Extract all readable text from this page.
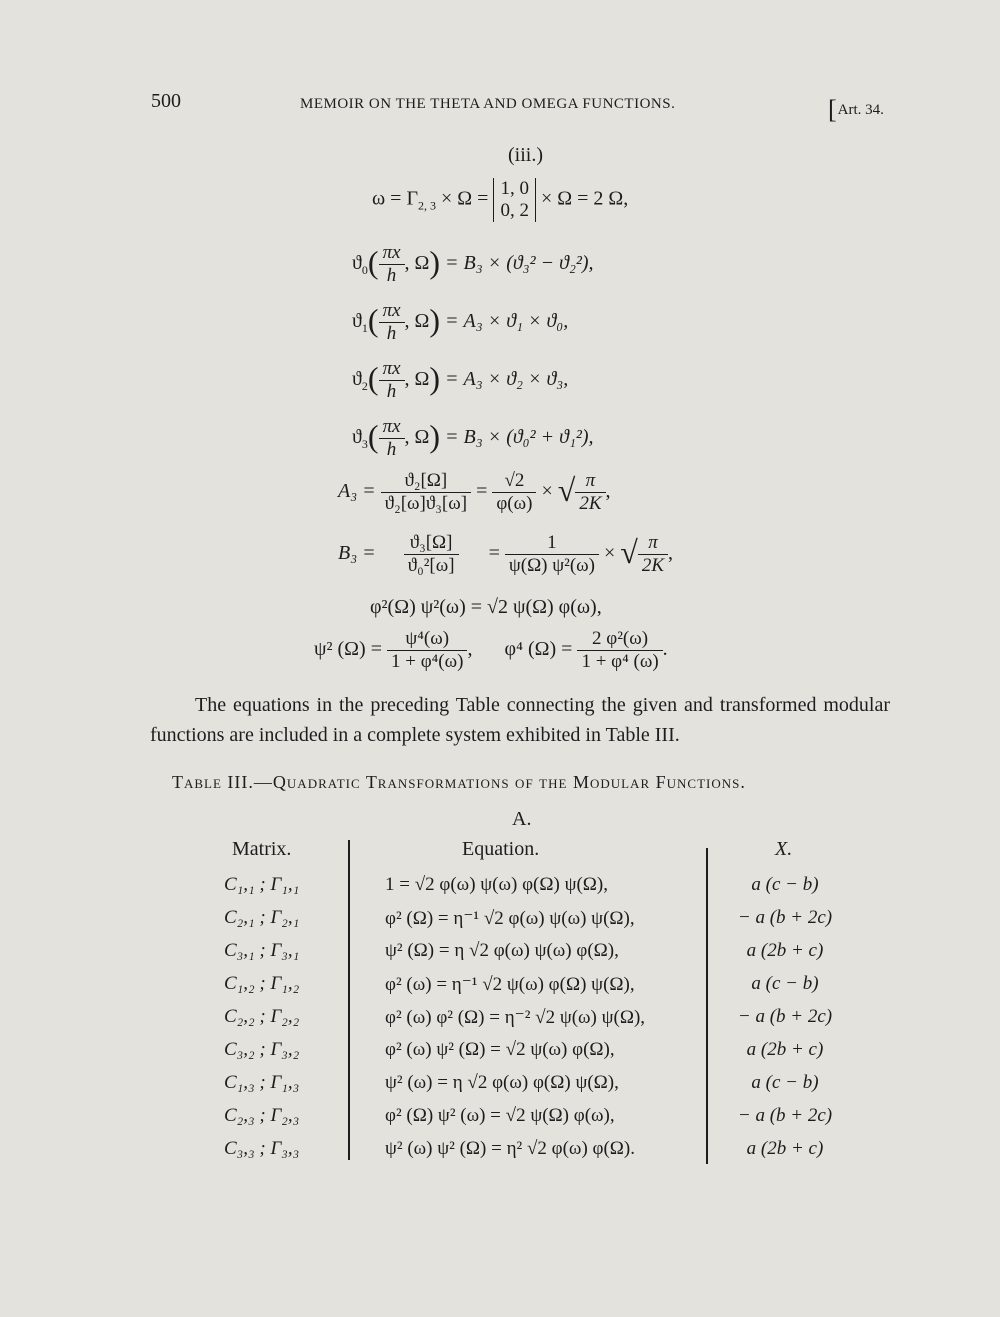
500	MEMOIR ON THE THETA AND OMEGA FUNCTIONS.	[Art. 34.
(iii.)
$\omega = \Gamma_{2, 3} \times \Omega = 1$, 0
0, 2
× Ω = 2 Ω,
$ϑ_0( \frac{\pi x}{h}$ , Ω) = B₃ × (ϑ₃² − ϑ₂²),
$ϑ_1( \frac{\pi x}{h}$ , Ω) = A₃ × ϑ₁ × ϑ₀,
$ϑ_2( \frac{\pi x}{h}$ , Ω) = A₃ × ϑ₂ × ϑ₃,
$ϑ_3( \frac{\pi x}{h}$ , Ω) = B₃ × (ϑ₀² + ϑ₁²),
$A_3 = \frac{\text{ϑ₂[Ω]}}{\text{ϑ₂[ω]ϑ₃[ω]}} = \frac{√2}{\varphi(\omega)}$ × √ $\frac{\pi}{2K}$ ,
$B_3 = \frac{\text{ϑ₃[Ω]}}{\text{ϑ₀²[ω]}} = \frac{1}{\text{ψ(Ω) ψ²(ω)}}$ × √ $\frac{\pi}{2K}$ ,
φ²(Ω) ψ²(ω) = √2 ψ(Ω) φ(ω),
ψ² $(\Omega) = \frac{\text{ψ⁴(ω)}}{\text{1 + φ⁴(ω)}}$ , φ⁴ $(\Omega) = \frac{\text{2 φ²(ω)}}{\text{1 + φ⁴ (ω)}}$ .
The equations in the preceding Table connecting the given and transformed modular functions are included in a complete system exhibited in Table III.
Table III.—Quadratic Transformations of the Modular Functions.
A.
Matrix.	Equation.	X.
C₁,₁ ; Γ₁,₁	1 = √2 φ(ω) ψ(ω) φ(Ω) ψ(Ω),	a (c − b)
C₂,₁ ; Γ₂,₁	φ² (Ω) = η⁻¹ √2 φ(ω) ψ(ω) ψ(Ω),	− a (b + 2c)
C₃,₁ ; Γ₃,₁	ψ² (Ω) = η √2 φ(ω) ψ(ω) φ(Ω),	a (2b + c)
C₁,₂ ; Γ₁,₂	φ² (ω) = η⁻¹ √2 ψ(ω) φ(Ω) ψ(Ω),	a (c − b)
C₂,₂ ; Γ₂,₂	φ² (ω) φ² (Ω) = η⁻² √2 ψ(ω) ψ(Ω),	− a (b + 2c)
C₃,₂ ; Γ₃,₂	φ² (ω) ψ² (Ω) = √2 ψ(ω) φ(Ω),	a (2b + c)
C₁,₃ ; Γ₁,₃	ψ² (ω) = η √2 φ(ω) φ(Ω) ψ(Ω),	a (c − b)
C₂,₃ ; Γ₂,₃	φ² (Ω) ψ² (ω) = √2 ψ(Ω) φ(ω),	− a (b + 2c)
C₃,₃ ; Γ₃,₃	ψ² (ω) ψ² (Ω) = η² √2 φ(ω) φ(Ω).	a (2b + c)
